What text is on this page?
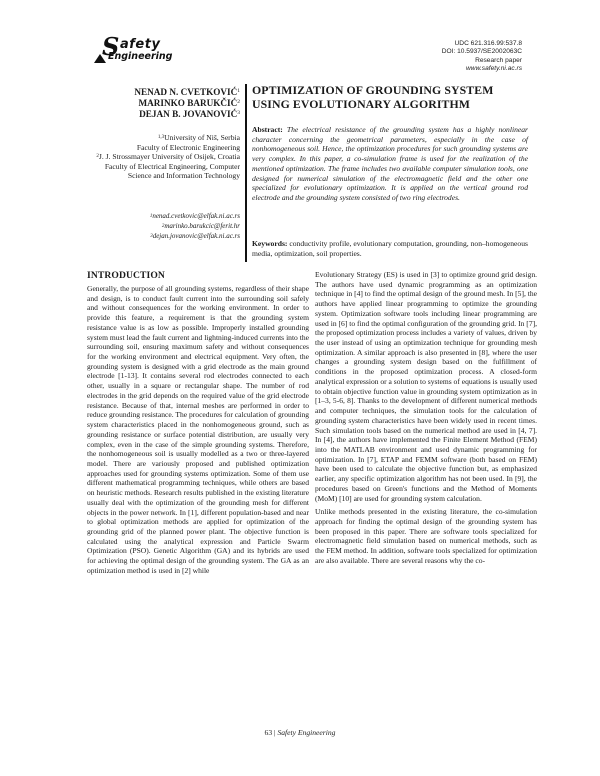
S afety
Engineering
UDC 621.316.99:537.8
DOI: 10.5937/SE2002063C
Research paper
www.safety.ni.ac.rs
NENAD N. CVETKOVIĆ$^1$
MARINKO BARUKČIĆ$^2$
DEJAN B. JOVANOVIĆ$^3$
$^{1,3}$University of Niš, Serbia
Faculty of Electronic Engineering
$^2$J. J. Strossmayer University of Osijek, Croatia
Faculty of Electrical Engineering, Computer Science and Information Technology
$^1$nenad.cvetkovic@elfak.ni.ac.rs
$^2$marinko.barukcic@ferit.hr
$^3$dejan.jovanovic@elfak.ni.ac.rs
OPTIMIZATION OF GROUNDING SYSTEM USING EVOLUTIONARY ALGORITHM
Abstract: The electrical resistance of the grounding system has a highly nonlinear character concerning the geometrical parameters, especially in the case of nonhomogeneous soil. Hence, the optimization procedures for such grounding systems are very complex. In this paper, a co-simulation frame is used for the realization of the mentioned optimization. The frame includes two available computer simulation tools, one designed for numerical simulation of the electromagnetic field and the other one specialized for evolutionary optimization. It is applied on the vertical ground rod electrode and the grounding system consisted of two ring electrodes.
Keywords: conductivity profile, evolutionary computation, grounding, non–homogeneous media, optimization, soil properties.
INTRODUCTION

Generally, the purpose of all grounding systems, regardless of their shape and design, is to conduct fault current into the surrounding soil safely and without consequences for the working environment. In order to provide this feature, a requirement is that the grounding system resistance value is as low as possible. Improperly installed grounding system must lead the fault current and lightning-induced currents into the surrounding soil, ensuring maximum safety and without consequences for the working environment and electrical equipment. Very often, the grounding system is designed with a grid electrode as the main ground electrode [1-13]. It contains several rod electrodes connected to each other, usually in a square or rectangular shape. The number of rod electrodes in the grid depends on the required value of the grid electrode resistance. Because of that, internal meshes are performed in order to reduce grounding resistance. The procedures for calculation of grounding system characteristics placed in the nonhomogeneous ground, such as grounding resistance or surface potential distribution, are usually very complex, even in the case of the simple grounding systems. Therefore, the nonhomogeneous soil is usually modelled as a two or three-layered model. There are variously proposed and published optimization approaches used for grounding systems optimization. Some of them use different mathematical programming techniques, while others are based on heuristic methods. Research results published in the existing literature usually deal with the optimization of the grounding mesh for different objects in the power network. In [1], different population-based and near to global optimization methods are applied for optimization of the grounding grid of the planned power plant. The objective function is calculated using the analytical expression and Particle Swarm Optimization (PSO). Genetic Algorithm (GA) and its hybrids are used for achieving the optimal design of the grounding system. The GA as an optimization method is used in [2] while

Evolutionary Strategy (ES) is used in [3] to optimize ground grid design. The authors have used dynamic programming as an optimization technique in [4] to find the optimal design of the ground mesh. In [5], the authors have applied linear programming to optimize the grounding system. Optimization software tools including linear programming are used in [6] to find the optimal configuration of the grounding grid. In [7], the proposed optimization process includes a variety of values, driven by the user instead of using an optimization technique for grounding mesh optimization. A similar approach is also presented in [8], where the user changes a grounding system design based on the fulfillment of conditions in the proposed optimization process. A closed-form analytical expression or a solution to systems of equations is usually used to obtain objective function value in grounding system optimization as in [1–3, 5-6, 8]. Thanks to the development of different numerical methods and computer techniques, the simulation tools for the calculation of grounding system characteristics have been widely used in recent times. Such simulation tools based on the numerical method are used in [4, 7]. In [4], the authors have implemented the Finite Element Method (FEM) into the MATLAB environment and used dynamic programming for optimization. In [7], ETAP and FEMM software (both based on FEM) have been used to calculate the objective function but, as emphasized earlier, any specific optimization algorithm has not been used. In [9], the procedures based on Green's functions and the Method of Moments (MoM) [10] are used for grounding system calculation.

Unlike methods presented in the existing literature, the co-simulation approach for finding the optimal design of the grounding system has been proposed in this paper. There are software tools specialized for electromagnetic field simulation based on numerical methods, such as the FEM method. In addition, software tools specialized for optimization are also available. There are several reasons why the co-

63 | Safety Engineering
